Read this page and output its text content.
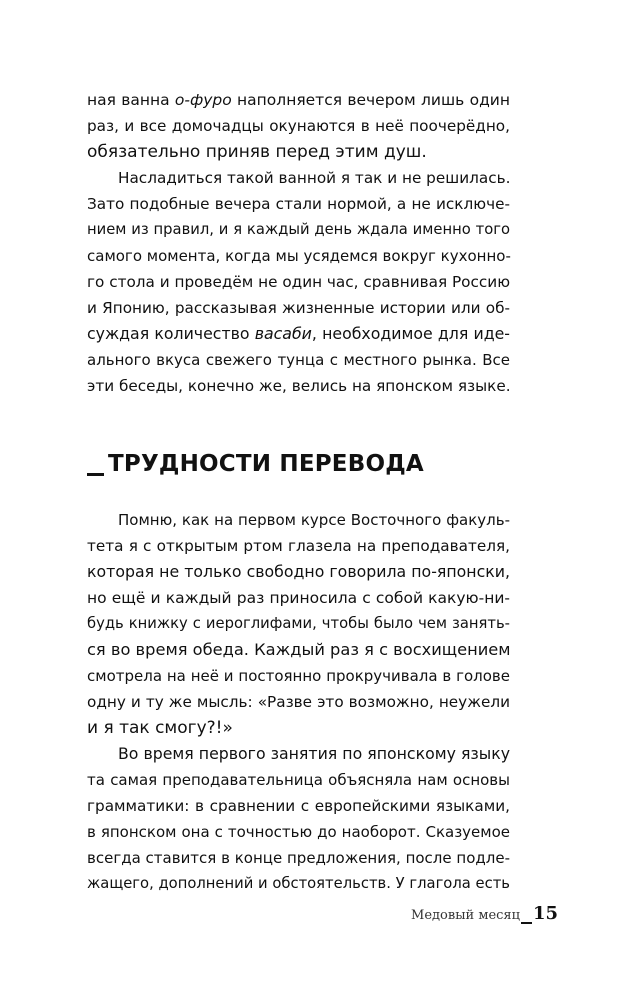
ная ванна о-фуро наполняется вечером лишь один
раз, и все домочадцы окунаются в неё поочерёдно,
обязательно приняв перед этим душ.
Насладиться такой ванной я так и не решилась.
Зато подобные вечера стали нормой, а не исключе-
нием из правил, и я каждый день ждала именно того
самого момента, когда мы усядемся вокруг кухонно-
го стола и проведём не один час, сравнивая Россию
и Японию, рассказывая жизненные истории или об-
суждая количество васаби, необходимое для иде-
ального вкуса свежего тунца с местного рынка. Все
эти беседы, конечно же, велись на японском языке.
ТРУДНОСТИ ПЕРЕВОДА
Помню, как на первом курсе Восточного факуль-
тета я с открытым ртом глазела на преподавателя,
которая не только свободно говорила по-японски,
но ещё и каждый раз приносила с собой какую-ни-
будь книжку с иероглифами, чтобы было чем занять-
ся во время обеда. Каждый раз я с восхищением
смотрела на неё и постоянно прокручивала в голове
одну и ту же мысль: «Разве это возможно, неужели
и я так смогу?!»
Во время первого занятия по японскому языку
та самая преподавательница объясняла нам основы
грамматики: в сравнении с европейскими языками,
в японском она с точностью до наоборот. Сказуемое
всегда ставится в конце предложения, после подле-
жащего, дополнений и обстоятельств. У глагола есть
Медовый месяц 15
